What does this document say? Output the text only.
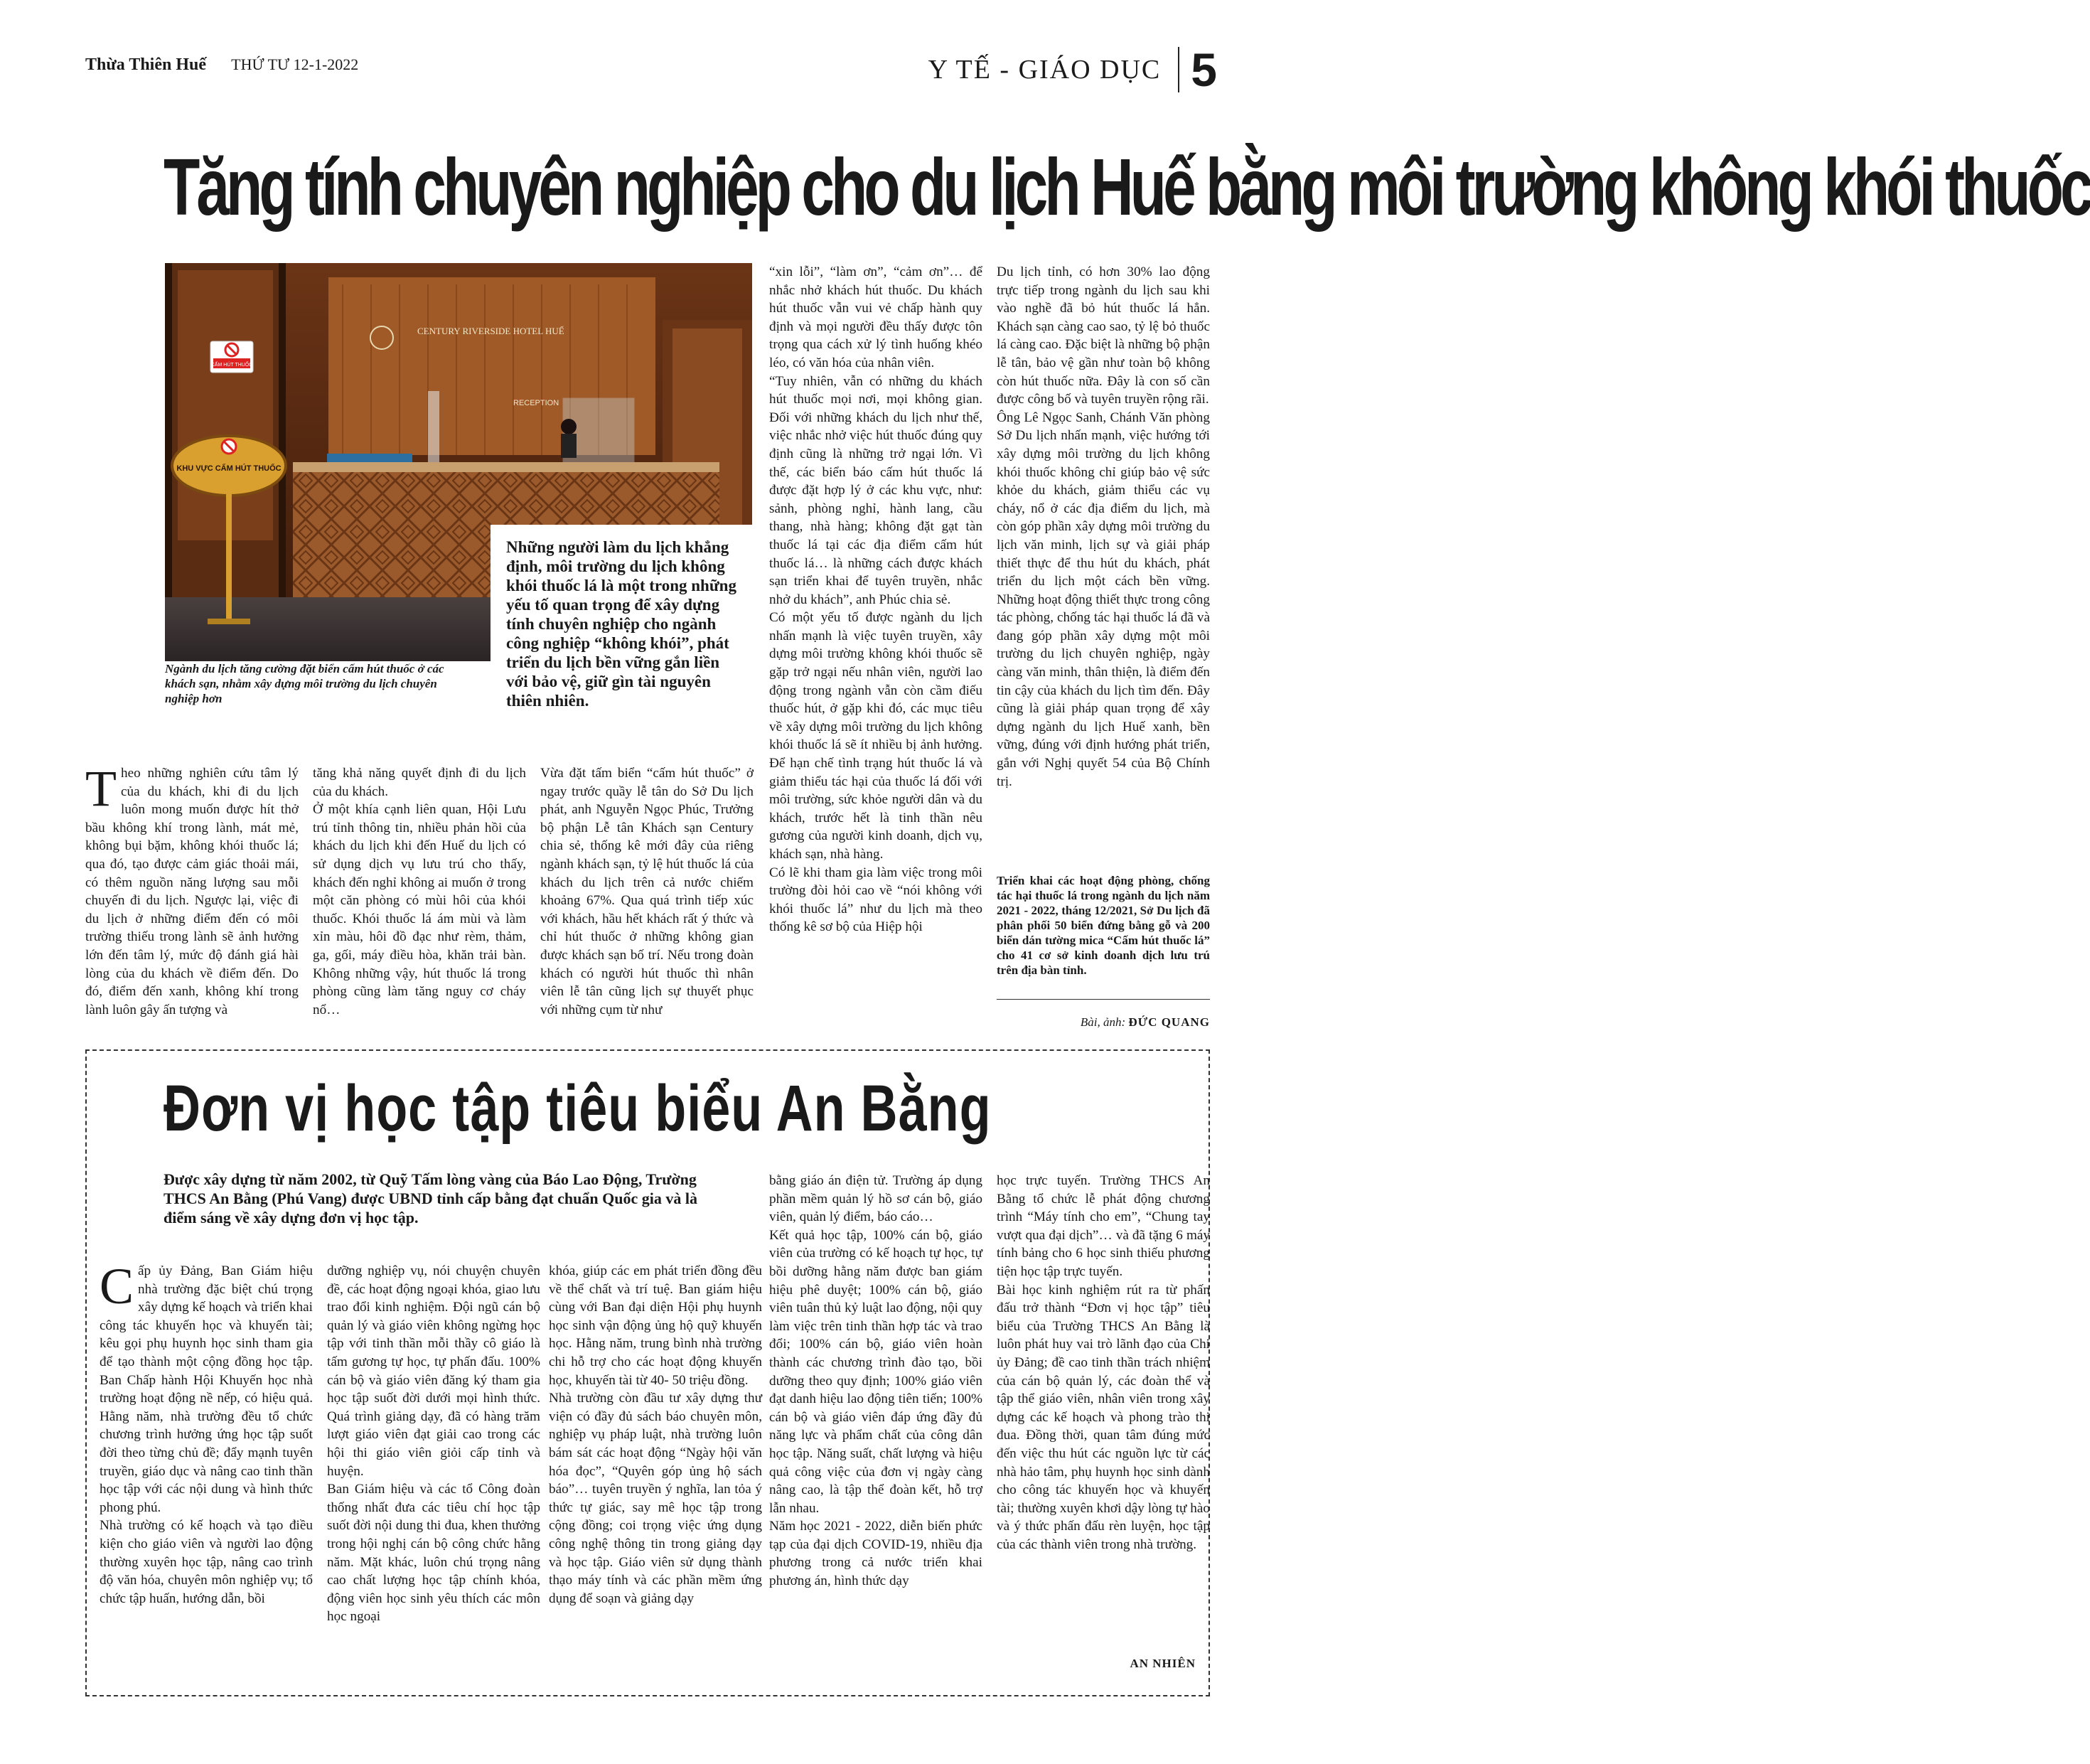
Thừa Thiên Huế THỨ TƯ 12-1-2022	Y TẾ - GIÁO DỤC 5
Tăng tính chuyên nghiệp cho du lịch Huế bằng môi trường không khói thuốc
CENTURY RIVERSIDE HOTEL HUẾ
RECEPTION
CẤM HÚT THUỐC
KHU VỰC CẤM HÚT THUỐC
Những người làm du lịch khẳng định, môi trường du lịch không khói thuốc lá là một trong những yếu tố quan trọng để xây dựng tính chuyên nghiệp cho ngành công nghiệp “không khói”, phát triển du lịch bền vững gắn liền với bảo vệ, giữ gìn tài nguyên thiên nhiên.
Ngành du lịch tăng cường đặt biển cấm hút thuốc ở các khách sạn, nhằm xây dựng môi trường du lịch chuyên nghiệp hơn
Theo những nghiên cứu tâm lý của du khách, khi đi du lịch luôn mong muốn được hít thở bầu không khí trong lành, mát mẻ, không bụi bặm, không khói thuốc lá; qua đó, tạo được cảm giác thoải mái, có thêm nguồn năng lượng sau mỗi chuyến đi du lịch. Ngược lại, việc đi du lịch ở những điểm đến có môi trường thiếu trong lành sẽ ảnh hưởng lớn đến tâm lý, mức độ đánh giá hài lòng của du khách về điểm đến. Do đó, điểm đến xanh, không khí trong lành luôn gây ấn tượng và
tăng khả năng quyết định đi du lịch của du khách.
Ở một khía cạnh liên quan, Hội Lưu trú tỉnh thông tin, nhiều phản hồi của khách du lịch khi đến Huế du lịch có sử dụng dịch vụ lưu trú cho thấy, khách đến nghỉ không ai muốn ở trong một căn phòng có mùi hôi của khói thuốc. Khói thuốc lá ám mùi và làm xỉn màu, hôi đồ đạc như rèm, thảm, ga, gối, máy điều hòa, khăn trải bàn. Không những vậy, hút thuốc lá trong phòng cũng làm tăng nguy cơ cháy nổ…
Vừa đặt tấm biển “cấm hút thuốc” ở ngay trước quầy lễ tân do Sở Du lịch phát, anh Nguyễn Ngọc Phúc, Trưởng bộ phận Lễ tân Khách sạn Century chia sẻ, thống kê mới đây của riêng ngành khách sạn, tỷ lệ hút thuốc lá của khách du lịch trên cả nước chiếm khoảng 67%. Qua quá trình tiếp xúc với khách, hầu hết khách rất ý thức và chỉ hút thuốc ở những không gian được khách sạn bố trí. Nếu trong đoàn khách có người hút thuốc thì nhân viên lễ tân cũng lịch sự thuyết phục với những cụm từ như
“xin lỗi”, “làm ơn”, “cảm ơn”… để nhắc nhở khách hút thuốc. Du khách hút thuốc vẫn vui vẻ chấp hành quy định và mọi người đều thấy được tôn trọng qua cách xử lý tình huống khéo léo, có văn hóa của nhân viên.
“Tuy nhiên, vẫn có những du khách hút thuốc mọi nơi, mọi không gian. Đối với những khách du lịch như thế, việc nhắc nhở việc hút thuốc đúng quy định cũng là những trở ngại lớn. Vì thế, các biển báo cấm hút thuốc lá được đặt hợp lý ở các khu vực, như: sảnh, phòng nghỉ, hành lang, cầu thang, nhà hàng; không đặt gạt tàn thuốc lá tại các địa điểm cấm hút thuốc lá… là những cách được khách sạn triển khai để tuyên truyền, nhắc nhở du khách”, anh Phúc chia sẻ.
Có một yếu tố được ngành du lịch nhấn mạnh là việc tuyên truyền, xây dựng môi trường không khói thuốc sẽ gặp trở ngại nếu nhân viên, người lao động trong ngành vẫn còn cầm điếu thuốc hút, ở gặp khi đó, các mục tiêu về xây dựng môi trường du lịch không khói thuốc lá sẽ ít nhiều bị ảnh hưởng. Để hạn chế tình trạng hút thuốc lá và giảm thiểu tác hại của thuốc lá đối với môi trường, sức khỏe người dân và du khách, trước hết là tinh thần nêu gương của người kinh doanh, dịch vụ, khách sạn, nhà hàng.
Có lẽ khi tham gia làm việc trong môi trường đòi hỏi cao về “nói không với khói thuốc lá” như du lịch mà theo thống kê sơ bộ của Hiệp hội
Du lịch tỉnh, có hơn 30% lao động trực tiếp trong ngành du lịch sau khi vào nghề đã bỏ hút thuốc lá hẳn. Khách sạn càng cao sao, tỷ lệ bỏ thuốc lá càng cao. Đặc biệt là những bộ phận lễ tân, bảo vệ gần như toàn bộ không còn hút thuốc nữa. Đây là con số cần được công bố và tuyên truyền rộng rãi.
Ông Lê Ngọc Sanh, Chánh Văn phòng Sở Du lịch nhấn mạnh, việc hướng tới xây dựng môi trường du lịch không khói thuốc không chỉ giúp bảo vệ sức khỏe du khách, giảm thiểu các vụ cháy, nổ ở các địa điểm du lịch, mà còn góp phần xây dựng môi trường du lịch văn minh, lịch sự và giải pháp thiết thực để thu hút du khách, phát triển du lịch một cách bền vững. Những hoạt động thiết thực trong công tác phòng, chống tác hại thuốc lá đã và đang góp phần xây dựng một môi trường du lịch chuyên nghiệp, ngày càng văn minh, thân thiện, là điểm đến tin cậy của khách du lịch tìm đến. Đây cũng là giải pháp quan trọng để xây dựng ngành du lịch Huế xanh, bền vững, đúng với định hướng phát triển, gắn với Nghị quyết 54 của Bộ Chính trị.
Triển khai các hoạt động phòng, chống tác hại thuốc lá trong ngành du lịch năm 2021 - 2022, tháng 12/2021, Sở Du lịch đã phân phối 50 biển đứng bằng gỗ và 200 biển dán tường mica “Cấm hút thuốc lá” cho 41 cơ sở kinh doanh dịch lưu trú trên địa bàn tỉnh.
Bài, ảnh: ĐỨC QUANG
Đơn vị học tập tiêu biểu An Bằng
Được xây dựng từ năm 2002, từ Quỹ Tấm lòng vàng của Báo Lao Động, Trường THCS An Bằng (Phú Vang) được UBND tỉnh cấp bằng đạt chuẩn Quốc gia và là điểm sáng về xây dựng đơn vị học tập.
Cấp ủy Đảng, Ban Giám hiệu nhà trường đặc biệt chú trọng xây dựng kế hoạch và triển khai công tác khuyến học và khuyến tài; kêu gọi phụ huynh học sinh tham gia để tạo thành một cộng đồng học tập. Ban Chấp hành Hội Khuyến học nhà trường hoạt động nề nếp, có hiệu quả. Hằng năm, nhà trường đều tổ chức chương trình hưởng ứng học tập suốt đời theo từng chủ đề; đẩy mạnh tuyên truyền, giáo dục và nâng cao tinh thần học tập với các nội dung và hình thức phong phú.
Nhà trường có kế hoạch và tạo điều kiện cho giáo viên và người lao động thường xuyên học tập, nâng cao trình độ văn hóa, chuyên môn nghiệp vụ; tổ chức tập huấn, hướng dẫn, bồi
dưỡng nghiệp vụ, nói chuyện chuyên đề, các hoạt động ngoại khóa, giao lưu trao đổi kinh nghiệm. Đội ngũ cán bộ quản lý và giáo viên không ngừng học tập với tinh thần mỗi thầy cô giáo là tấm gương tự học, tự phấn đấu. 100% cán bộ và giáo viên đăng ký tham gia học tập suốt đời dưới mọi hình thức. Quá trình giảng dạy, đã có hàng trăm lượt giáo viên đạt giải cao trong các hội thi giáo viên giỏi cấp tỉnh và huyện.
Ban Giám hiệu và các tổ Công đoàn thống nhất đưa các tiêu chí học tập suốt đời nội dung thi đua, khen thưởng trong hội nghị cán bộ công chức hằng năm. Mặt khác, luôn chú trọng nâng cao chất lượng học tập chính khóa, động viên học sinh yêu thích các môn học ngoại
khóa, giúp các em phát triển đồng đều về thể chất và trí tuệ. Ban giám hiệu cùng với Ban đại diện Hội phụ huynh học sinh vận động ủng hộ quỹ khuyến học. Hằng năm, trung bình nhà trường chi hỗ trợ cho các hoạt động khuyến học, khuyến tài từ 40- 50 triệu đồng.
Nhà trường còn đầu tư xây dựng thư viện có đầy đủ sách báo chuyên môn, nghiệp vụ pháp luật, nhà trường luôn bám sát các hoạt động “Ngày hội văn hóa đọc”, “Quyên góp ủng hộ sách báo”… tuyên truyền ý nghĩa, lan tỏa ý thức tự giác, say mê học tập trong cộng đồng; coi trọng việc ứng dụng công nghệ thông tin trong giảng dạy và học tập. Giáo viên sử dụng thành thạo máy tính và các phần mềm ứng dụng để soạn và giảng dạy
bằng giáo án điện tử. Trường áp dụng phần mềm quản lý hồ sơ cán bộ, giáo viên, quản lý điểm, báo cáo…
Kết quả học tập, 100% cán bộ, giáo viên của trường có kế hoạch tự học, tự bồi dưỡng hằng năm được ban giám hiệu phê duyệt; 100% cán bộ, giáo viên tuân thủ kỷ luật lao động, nội quy làm việc trên tinh thần hợp tác và trao đổi; 100% cán bộ, giáo viên hoàn thành các chương trình đào tạo, bồi dưỡng theo quy định; 100% giáo viên đạt danh hiệu lao động tiên tiến; 100% cán bộ và giáo viên đáp ứng đầy đủ năng lực và phẩm chất của công dân học tập. Năng suất, chất lượng và hiệu quả công việc của đơn vị ngày càng nâng cao, là tập thể đoàn kết, hỗ trợ lẫn nhau.
Năm học 2021 - 2022, diễn biến phức tạp của đại dịch COVID-19, nhiều địa phương trong cả nước triển khai phương án, hình thức dạy
học trực tuyến. Trường THCS An Bằng tổ chức lễ phát động chương trình “Máy tính cho em”, “Chung tay vượt qua đại dịch”… và đã tặng 6 máy tính bảng cho 6 học sinh thiếu phương tiện học tập trực tuyến.
Bài học kinh nghiệm rút ra từ phấn đấu trở thành “Đơn vị học tập” tiêu biểu của Trường THCS An Bằng là luôn phát huy vai trò lãnh đạo của Chi ủy Đảng; đề cao tinh thần trách nhiệm của cán bộ quản lý, các đoàn thể và tập thể giáo viên, nhân viên trong xây dựng các kế hoạch và phong trào thi đua. Đồng thời, quan tâm đúng mức đến việc thu hút các nguồn lực từ các nhà hảo tâm, phụ huynh học sinh dành cho công tác khuyến học và khuyến tài; thường xuyên khơi dậy lòng tự hào và ý thức phấn đấu rèn luyện, học tập của các thành viên trong nhà trường.
AN NHIÊN
